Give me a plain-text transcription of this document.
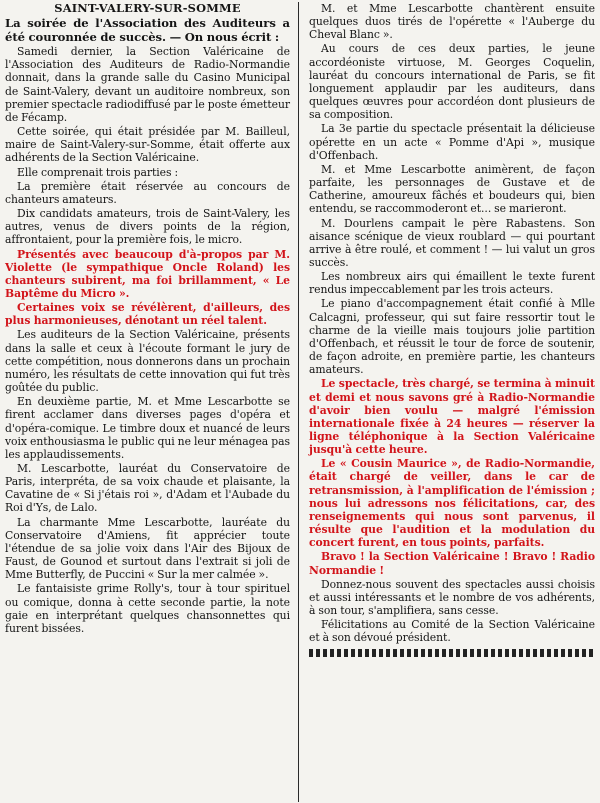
SAINT-VALERY-SUR-SOMME
La soirée de l'Association des Auditeurs a été couronnée de succès. — On nous écrit :

Samedi dernier, la Section Valéricaine de l'Association des Auditeurs de Radio-Normandie donnait, dans la grande salle du Casino Municipal de Saint-Valery, devant un auditoire nombreux, son premier spectacle radiodiffusé par le poste émetteur de Fécamp.

Cette soirée, qui était présidée par M. Bailleul, maire de Saint-Valery-sur-Somme, était offerte aux adhérents de la Section Valéricaine.

Elle comprenait trois parties :

La première était réservée au concours de chanteurs amateurs.

Dix candidats amateurs, trois de Saint-Valery, les autres, venus de divers points de la région, affrontaient, pour la première fois, le micro.

Présentés avec beaucoup d'à-propos par M. Violette (le sympathique Oncle Roland) les chanteurs subirent, ma foi brillamment, « Le Baptême du Micro ».

Certaines voix se révélèrent, d'ailleurs, des plus harmonieuses, dénotant un réel talent.

Les auditeurs de la Section Valéricaine, présents dans la salle et ceux à l'écoute formant le jury de cette compétition, nous donnerons dans un prochain numéro, les résultats de cette innovation qui fut très goûtée du public.

En deuxième partie, M. et Mme Lescarbotte se firent acclamer dans diverses pages d'opéra et d'opéra-comique. Le timbre doux et nuancé de leurs voix enthousiasma le public qui ne leur ménagea pas les applaudissements.

M. Lescarbotte, lauréat du Conservatoire de Paris, interpréta, de sa voix chaude et plaisante, la Cavatine de « Si j'étais roi », d'Adam et l'Aubade du Roi d'Ys, de Lalo.

La charmante Mme Lescarbotte, lauréate du Conservatoire d'Amiens, fit apprécier toute l'étendue de sa jolie voix dans l'Air des Bijoux de Faust, de Gounod et surtout dans l'extrait si joli de Mme Butterfly, de Puccini « Sur la mer calmée ».

Le fantaisiste grime Rolly's, tour à tour spirituel ou comique, donna à cette seconde partie, la note gaie en interprétant quelques chansonnettes qui furent bissées.

M. et Mme Lescarbotte chantèrent ensuite quelques duos tirés de l'opérette « l'Auberge du Cheval Blanc ».

Au cours de ces deux parties, le jeune accordéoniste virtuose, M. Georges Coquelin, lauréat du concours international de Paris, se fit longuement applaudir par les auditeurs, dans quelques œuvres pour accordéon dont plusieurs de sa composition.

La 3e partie du spectacle présentait la délicieuse opérette en un acte « Pomme d'Api », musique d'Offenbach.

M. et Mme Lescarbotte animèrent, de façon parfaite, les personnages de Gustave et de Catherine, amoureux fâchés et boudeurs qui, bien entendu, se raccommoderont et... se marieront.

M. Dourlens campait le père Rabastens. Son aisance scénique de vieux roublard — qui pourtant arrive à être roulé, et comment ! — lui valut un gros succès.

Les nombreux airs qui émaillent le texte furent rendus impeccablement par les trois acteurs.

Le piano d'accompagnement était confié à Mlle Calcagni, professeur, qui sut faire ressortir tout le charme de la vieille mais toujours jolie partition d'Offenbach, et réussit le tour de force de soutenir, de façon adroite, en première partie, les chanteurs amateurs.

Le spectacle, très chargé, se termina à minuit et demi et nous savons gré à Radio-Normandie d'avoir bien voulu — malgré l'émission internationale fixée à 24 heures — réserver la ligne téléphonique à la Section Valéricaine jusqu'à cette heure.

Le « Cousin Maurice », de Radio-Normandie, était chargé de veiller, dans le car de retransmission, à l'amplification de l'émission ; nous lui adressons nos félicitations, car, des renseignements qui nous sont parvenus, il résulte que l'audition et la modulation du concert furent, en tous points, parfaits.

Bravo ! la Section Valéricaine ! Bravo ! Radio Normandie !

Donnez-nous souvent des spectacles aussi choisis et aussi intéressants et le nombre de vos adhérents, à son tour, s'amplifiera, sans cesse.

Félicitations au Comité de la Section Valéricaine et à son dévoué président.
